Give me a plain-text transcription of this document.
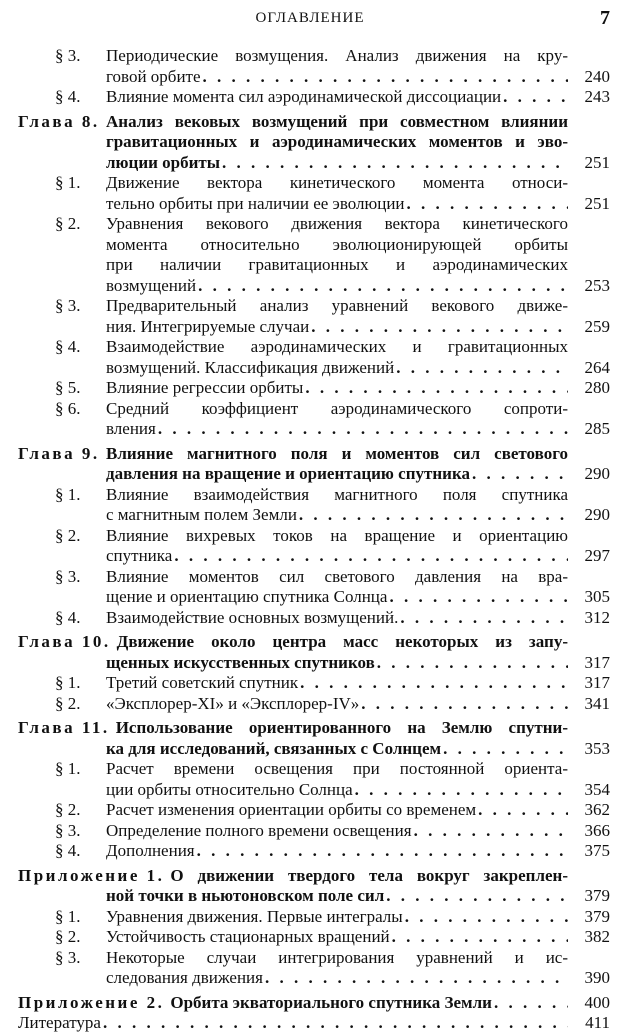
ОГЛАВЛЕНИЕ	7
§ 3.	Периодические возмущения. Анализ движения на кру-
говой орбите . . .	240
§ 4.	Влияние момента сил аэродинамической диссоциации . . .	243
Глава 8. Анализ вековых возмущений при совместном влиянии
гравитационных и аэродинамических моментов и эво-
люции орбиты . . .	251
§ 1.	Движение вектора кинетического момента относи-
тельно орбиты при наличии ее эволюции . . .	251
§ 2.	Уравнения векового движения вектора кинетического
момента относительно эволюционирующей орбиты
при наличии гравитационных и аэродинамических
возмущений . . .	253
§ 3.	Предварительный анализ уравнений векового движе-
ния. Интегрируемые случаи . . .	259
§ 4.	Взаимодействие аэродинамических и гравитационных
возмущений. Классификация движений . . .	264
§ 5.	Влияние регрессии орбиты . . .	280
§ 6.	Средний коэффициент аэродинамического сопроти-
вления . . .	285
Глава 9. Влияние магнитного поля и моментов сил светового
давления на вращение и ориентацию спутника . . .	290
§ 1.	Влияние взаимодействия магнитного поля спутника
с магнитным полем Земли . . .	290
§ 2.	Влияние вихревых токов на вращение и ориентацию
спутника . . .	297
§ 3.	Влияние моментов сил светового давления на вра-
щение и ориентацию спутника Солнца . . .	305
§ 4.	Взаимодействие основных возмущений. . . .	312
Глава 10. Движение около центра масс некоторых из запу-
щенных искусственных спутников . . .	317
§ 1.	Третий советский спутник . . .	317
§ 2.	«Эксплорер-XI» и «Эксплорер-IV» . . .	341
Глава 11. Использование ориентированного на Землю спутни-
ка для исследований, связанных с Солнцем . . .	353
§ 1.	Расчет времени освещения при постоянной ориента-
ции орбиты относительно Солнца . . .	354
§ 2.	Расчет изменения ориентации орбиты со временем . . .	362
§ 3.	Определение полного времени освещения . . .	366
§ 4.	Дополнения . . .	375
Приложение 1. О движении твердого тела вокруг закреплен-
ной точки в ньютоновском поле сил . . .	379
§ 1.	Уравнения движения. Первые интегралы . . .	379
§ 2.	Устойчивость стационарных вращений . . .	382
§ 3.	Некоторые случаи интегрирования уравнений и ис-
следования движения . . .	390
Приложение 2. Орбита экваториального спутника Земли . . .	400
Литература . . .	411
